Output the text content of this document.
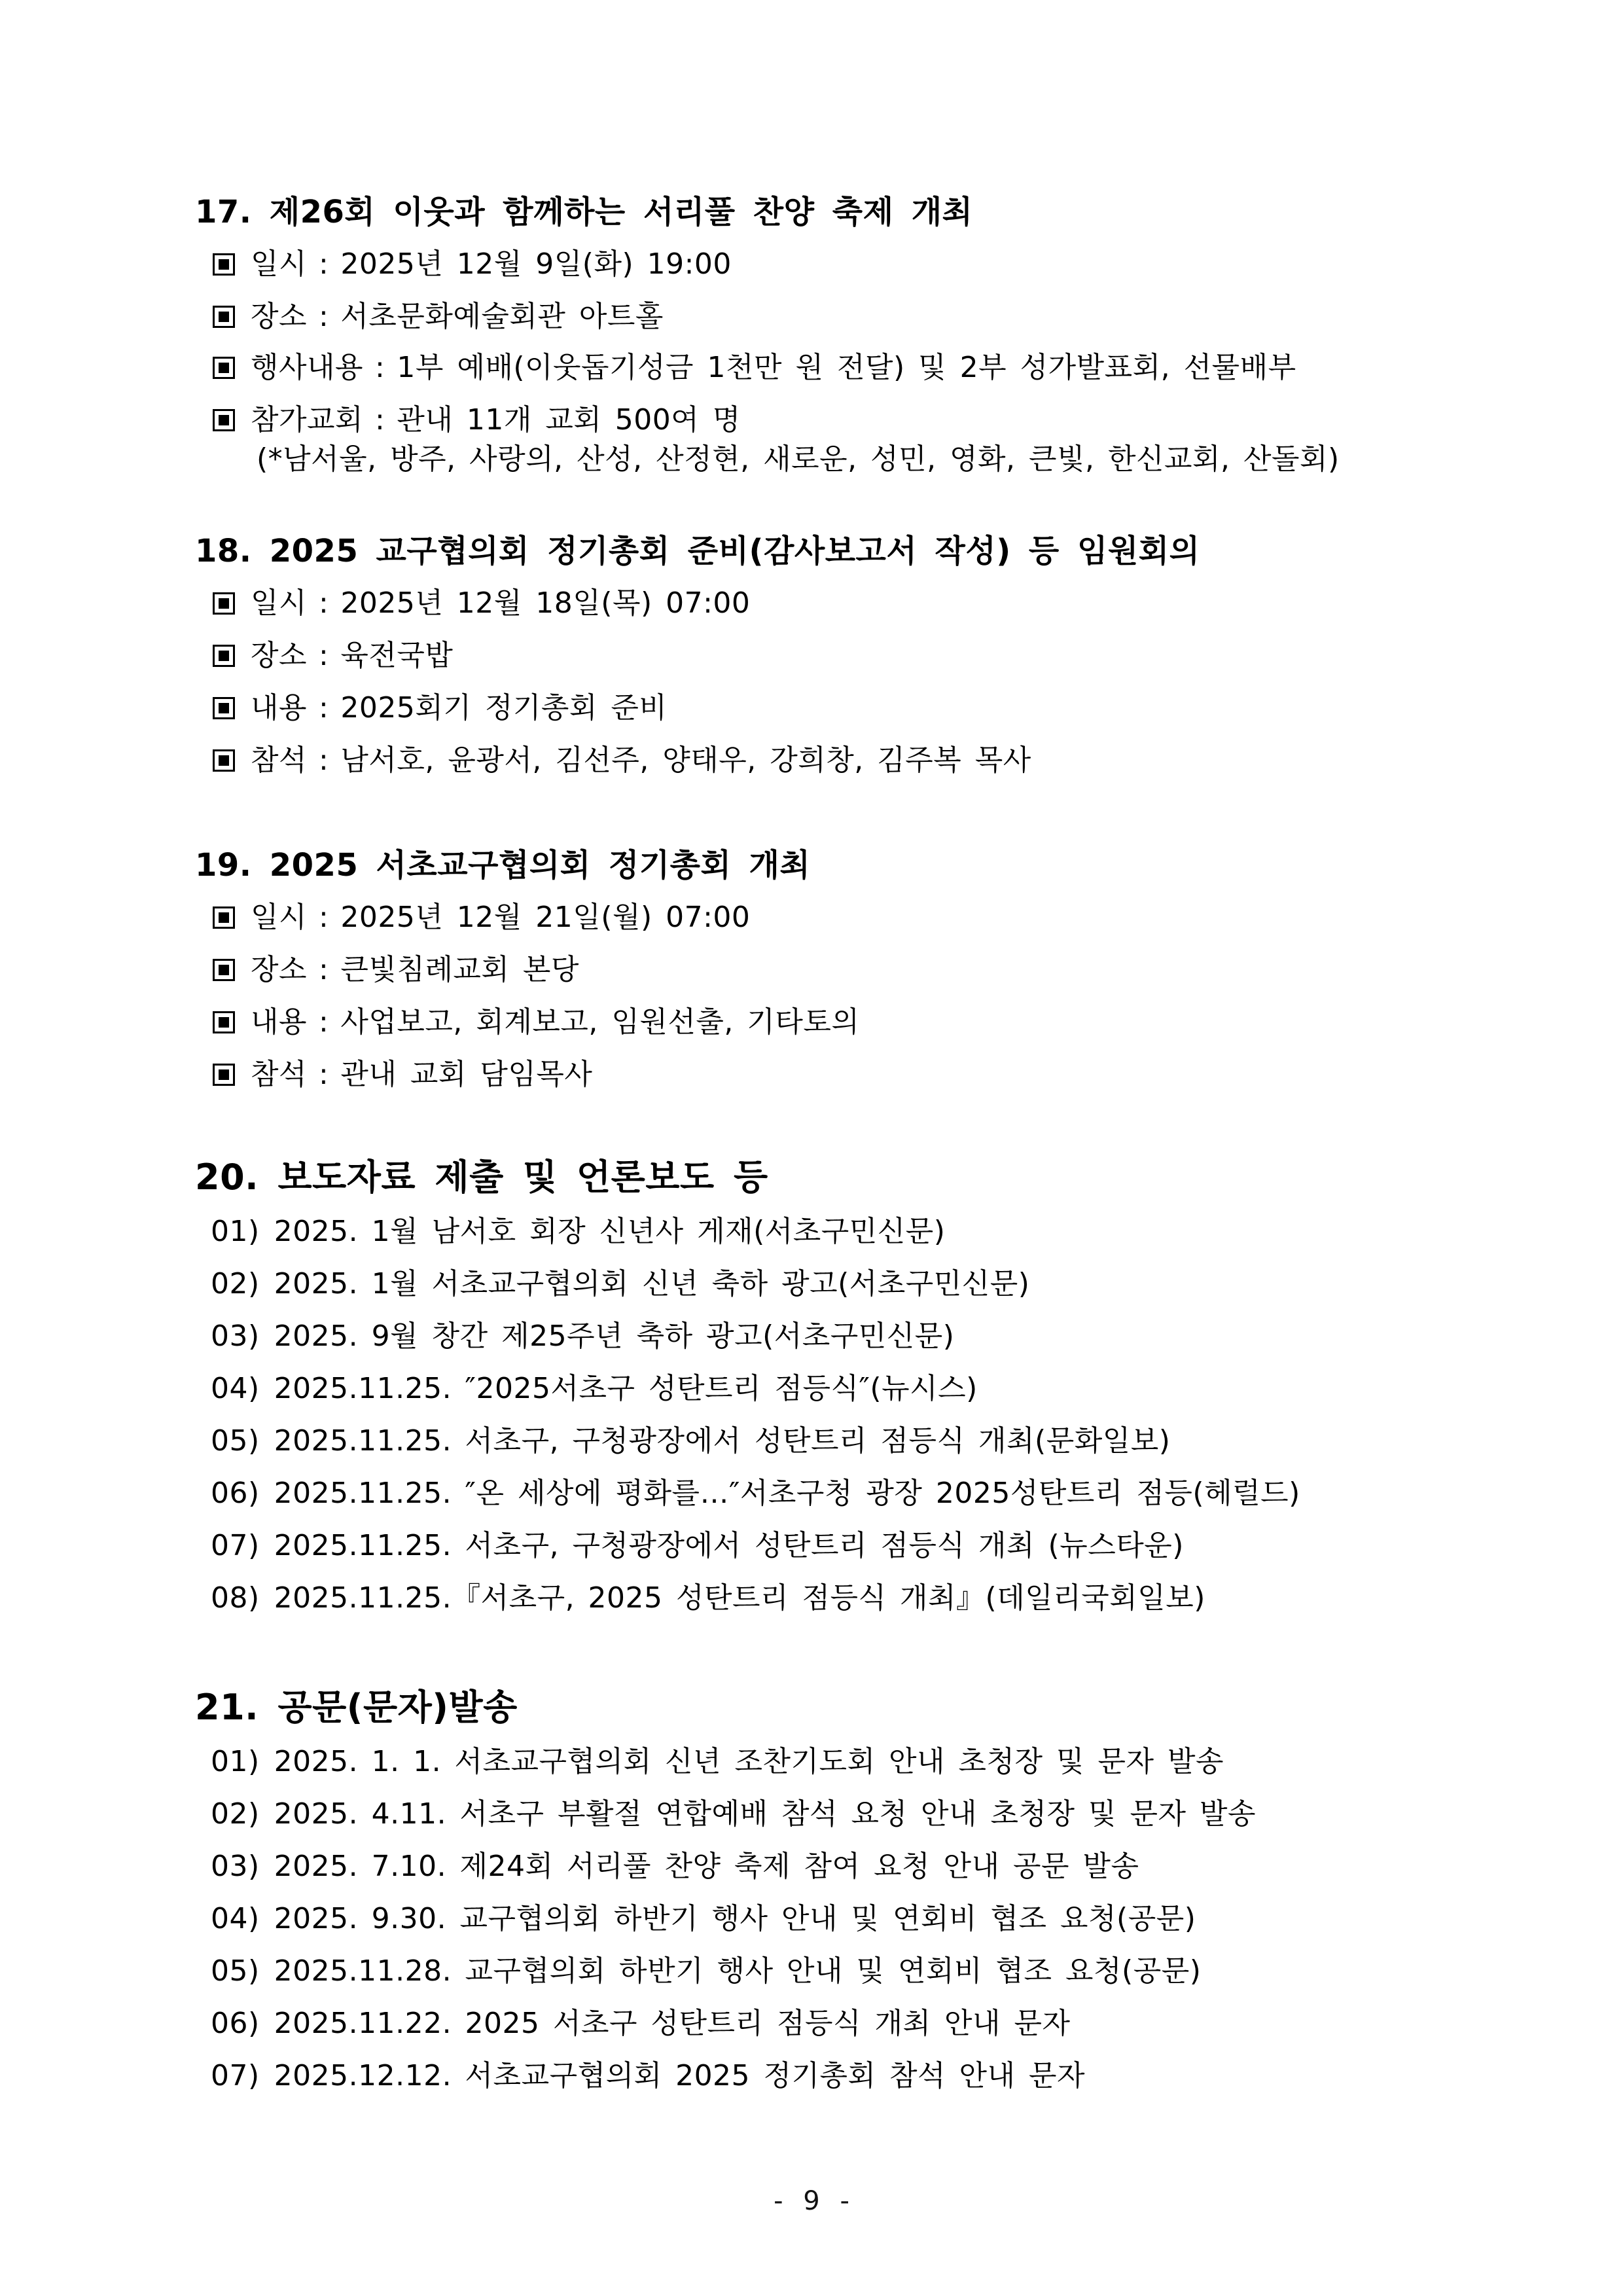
17. 제26회 이웃과 함께하는 서리풀 찬양 축제 개최
일시 : 2025년 12월 9일(화) 19:00
장소 : 서초문화예술회관 아트홀
행사내용 : 1부 예배(이웃돕기성금 1천만 원 전달) 및 2부 성가발표회, 선물배부
참가교회 : 관내 11개 교회 500여 명
(*남서울, 방주, 사랑의, 산성, 산정현, 새로운, 성민, 영화, 큰빛, 한신교회, 산돌회)
18. 2025 교구협의회 정기총회 준비(감사보고서 작성) 등 임원회의
일시 : 2025년 12월 18일(목) 07:00
장소 : 육전국밥
내용 : 2025회기 정기총회 준비
참석 : 남서호, 윤광서, 김선주, 양태우, 강희창, 김주복 목사
19. 2025 서초교구협의회 정기총회 개최
일시 : 2025년 12월 21일(월) 07:00
장소 : 큰빛침례교회 본당
내용 : 사업보고, 회계보고, 임원선출, 기타토의
참석 : 관내 교회 담임목사
20. 보도자료 제출 및 언론보도 등
01) 2025. 1월 남서호 회장 신년사 게재(서초구민신문)
02) 2025. 1월 서초교구협의회 신년 축하 광고(서초구민신문)
03) 2025. 9월 창간 제25주년 축하 광고(서초구민신문)
04) 2025.11.25. ″2025서초구 성탄트리 점등식″(뉴시스)
05) 2025.11.25. 서초구, 구청광장에서 성탄트리 점등식 개최(문화일보)
06) 2025.11.25. ″온 세상에 평화를…″서초구청 광장 2025성탄트리 점등(헤럴드)
07) 2025.11.25. 서초구, 구청광장에서 성탄트리 점등식 개최 (뉴스타운)
08) 2025.11.25.『서초구, 2025 성탄트리 점등식 개최』(데일리국회일보)
21. 공문(문자)발송
01) 2025. 1. 1. 서초교구협의회 신년 조찬기도회 안내 초청장 및 문자 발송
02) 2025. 4.11. 서초구 부활절 연합예배 참석 요청 안내 초청장 및 문자 발송
03) 2025. 7.10. 제24회 서리풀 찬양 축제 참여 요청 안내 공문 발송
04) 2025. 9.30. 교구협의회 하반기 행사 안내 및 연회비 협조 요청(공문)
05) 2025.11.28. 교구협의회 하반기 행사 안내 및 연회비 협조 요청(공문)
06) 2025.11.22. 2025 서초구 성탄트리 점등식 개최 안내 문자
07) 2025.12.12. 서초교구협의회 2025 정기총회 참석 안내 문자
- 9 -
